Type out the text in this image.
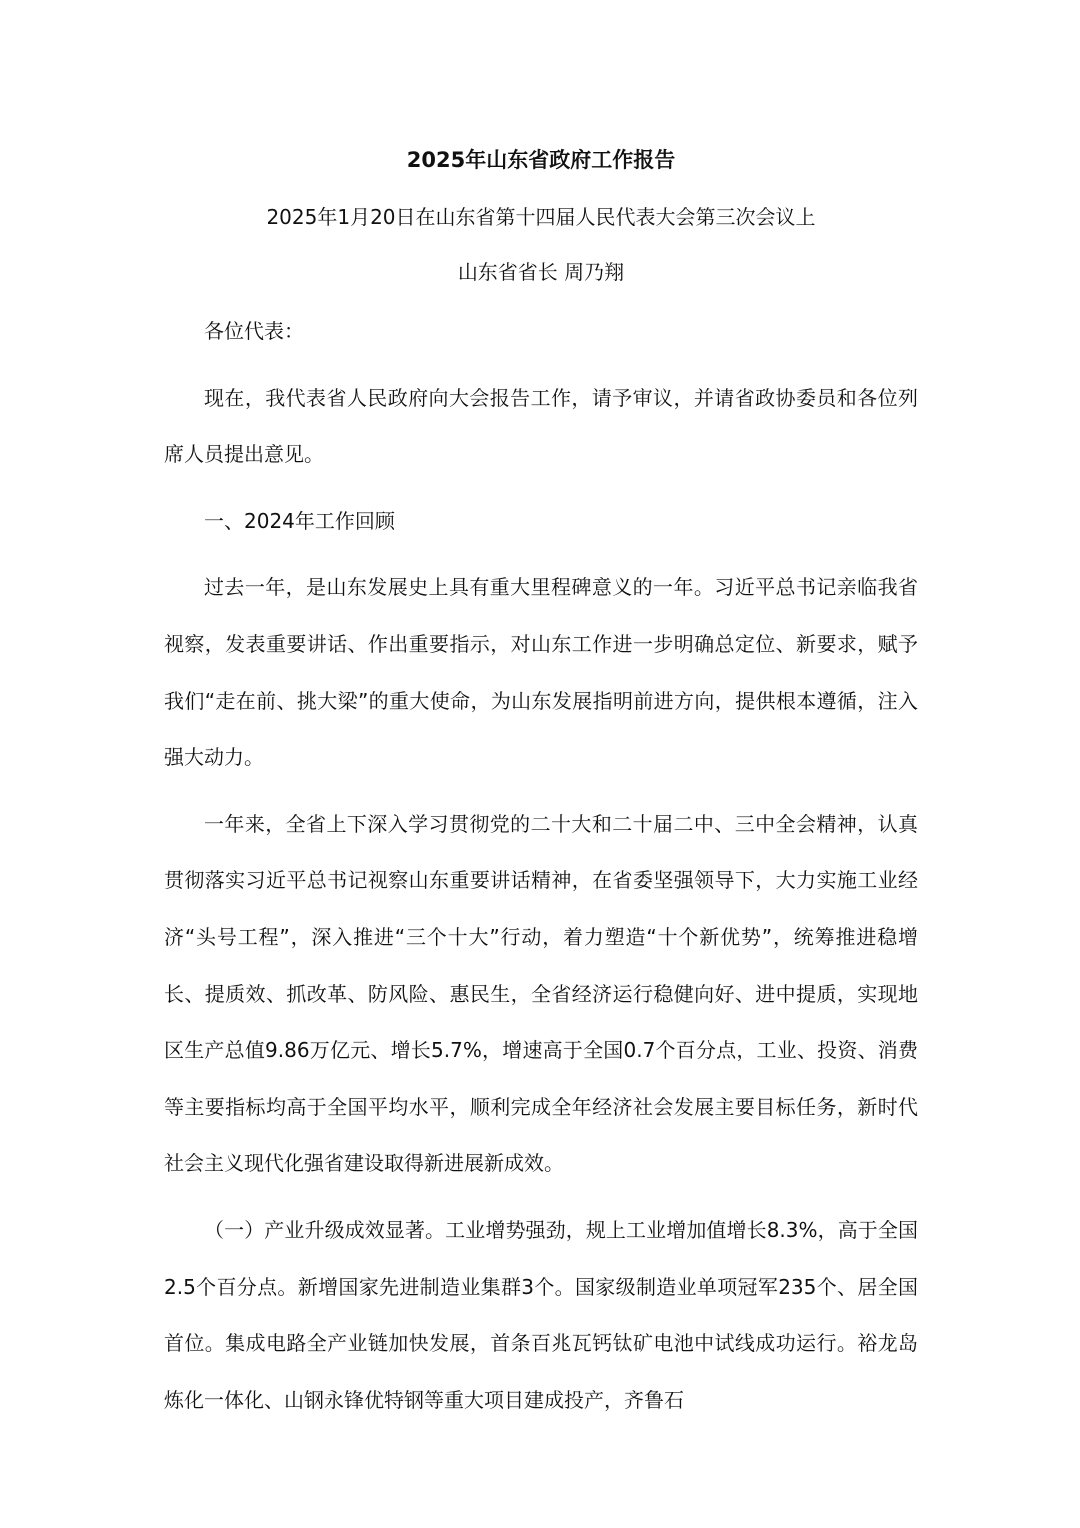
2025年山东省政府工作报告
2025年1月20日在山东省第十四届人民代表大会第三次会议上
山东省省长 周乃翔

各位代表：

现在，我代表省人民政府向大会报告工作，请予审议，并请省政协委员和各位列席人员提出意见。

一、2024年工作回顾

过去一年，是山东发展史上具有重大里程碑意义的一年。习近平总书记亲临我省视察，发表重要讲话、作出重要指示，对山东工作进一步明确总定位、新要求，赋予我们“走在前、挑大梁”的重大使命，为山东发展指明前进方向，提供根本遵循，注入强大动力。

一年来，全省上下深入学习贯彻党的二十大和二十届二中、三中全会精神，认真贯彻落实习近平总书记视察山东重要讲话精神，在省委坚强领导下，大力实施工业经济“头号工程”，深入推进“三个十大”行动，着力塑造“十个新优势”，统筹推进稳增长、提质效、抓改革、防风险、惠民生，全省经济运行稳健向好、进中提质，实现地区生产总值9.86万亿元、增长5.7%，增速高于全国0.7个百分点，工业、投资、消费等主要指标均高于全国平均水平，顺利完成全年经济社会发展主要目标任务，新时代社会主义现代化强省建设取得新进展新成效。

（一）产业升级成效显著。工业增势强劲，规上工业增加值增长8.3%，高于全国2.5个百分点。新增国家先进制造业集群3个。国家级制造业单项冠军235个、居全国首位。集成电路全产业链加快发展，首条百兆瓦钙钛矿电池中试线成功运行。裕龙岛炼化一体化、山钢永锋优特钢等重大项目建成投产，齐鲁石
